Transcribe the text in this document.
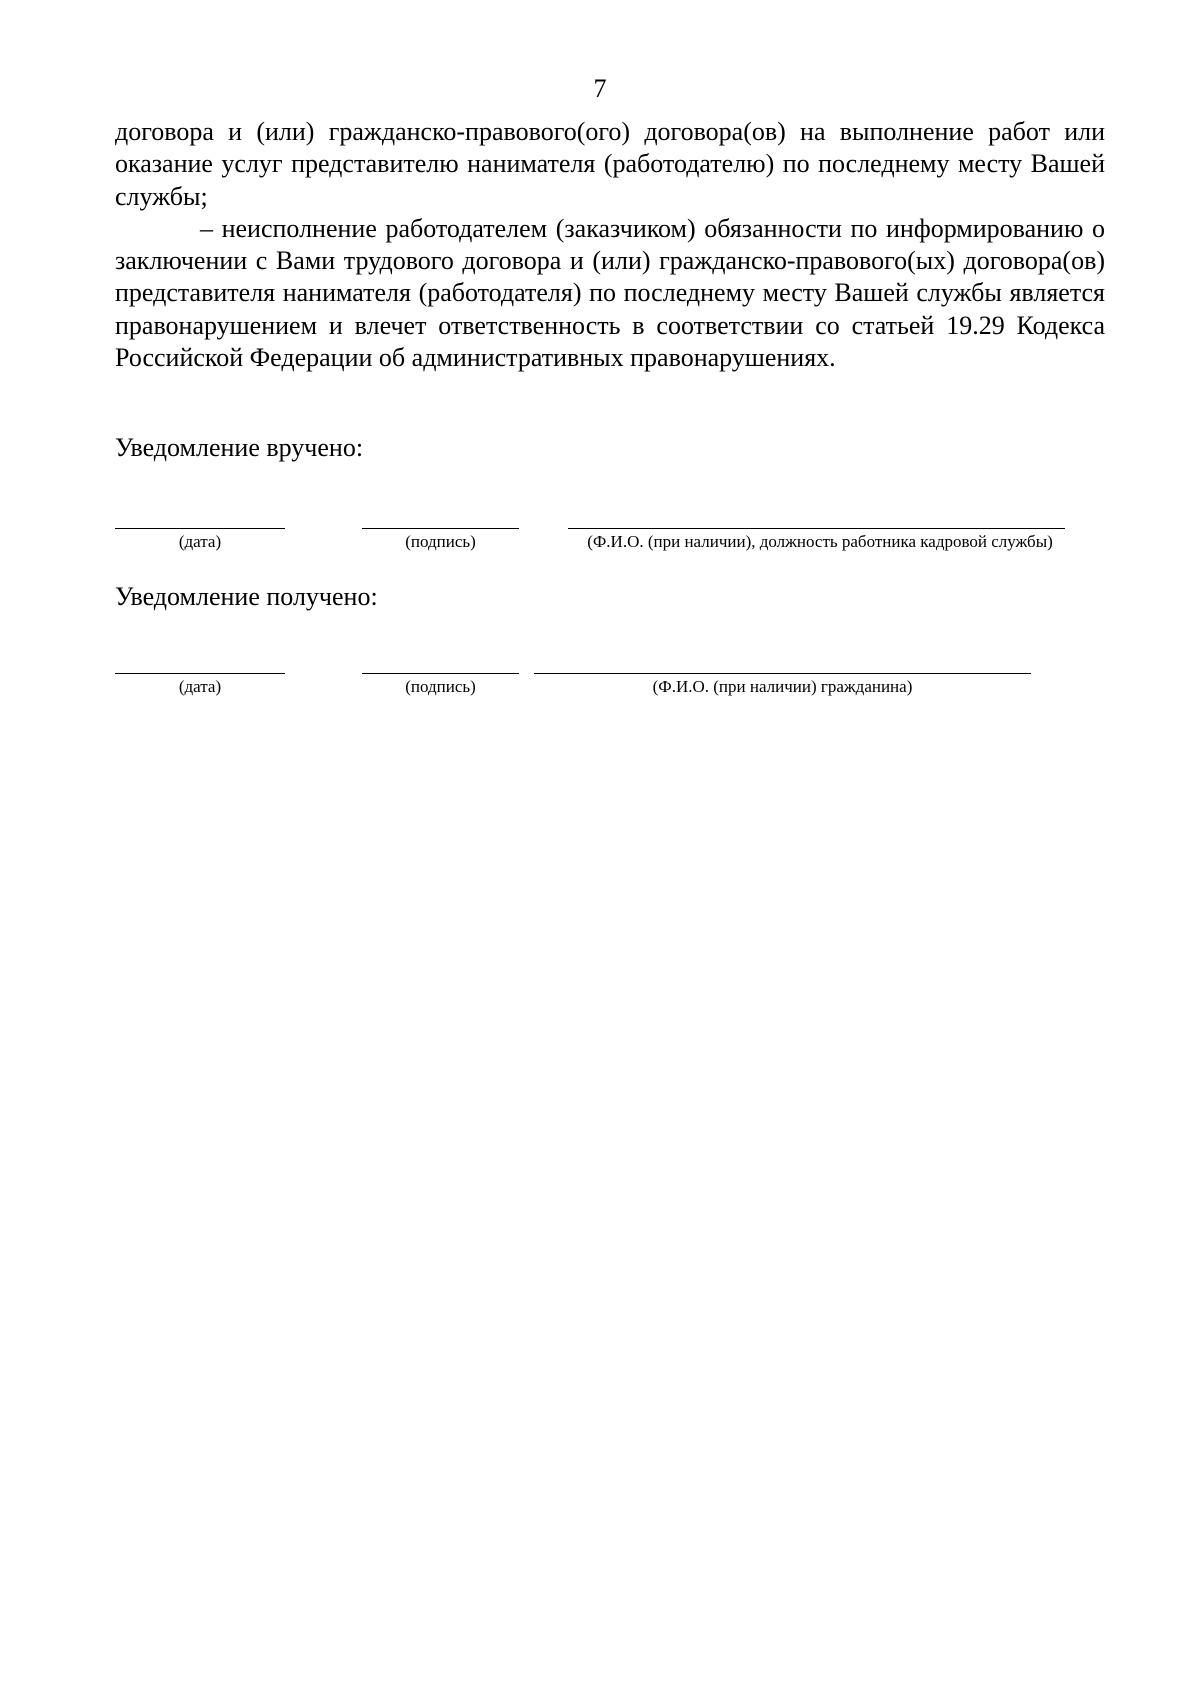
7

договора и (или) гражданско-правового(ого) договора(ов) на выполнение работ или оказание услуг представителю нанимателя (работодателю) по последнему месту Вашей службы;

– неисполнение работодателем (заказчиком) обязанности по информированию о заключении с Вами трудового договора и (или) гражданско-правового(ых) договора(ов) представителя нанимателя (работодателя) по последнему месту Вашей службы является правонарушением и влечет ответственность в соответствии со статьей 19.29 Кодекса Российской Федерации об административных правонарушениях.

Уведомление вручено:
(дата)	(подпись)	(Ф.И.О. (при наличии), должность работника кадровой службы)
Уведомление получено:
(дата)	(подпись)	(Ф.И.О. (при наличии) гражданина)
